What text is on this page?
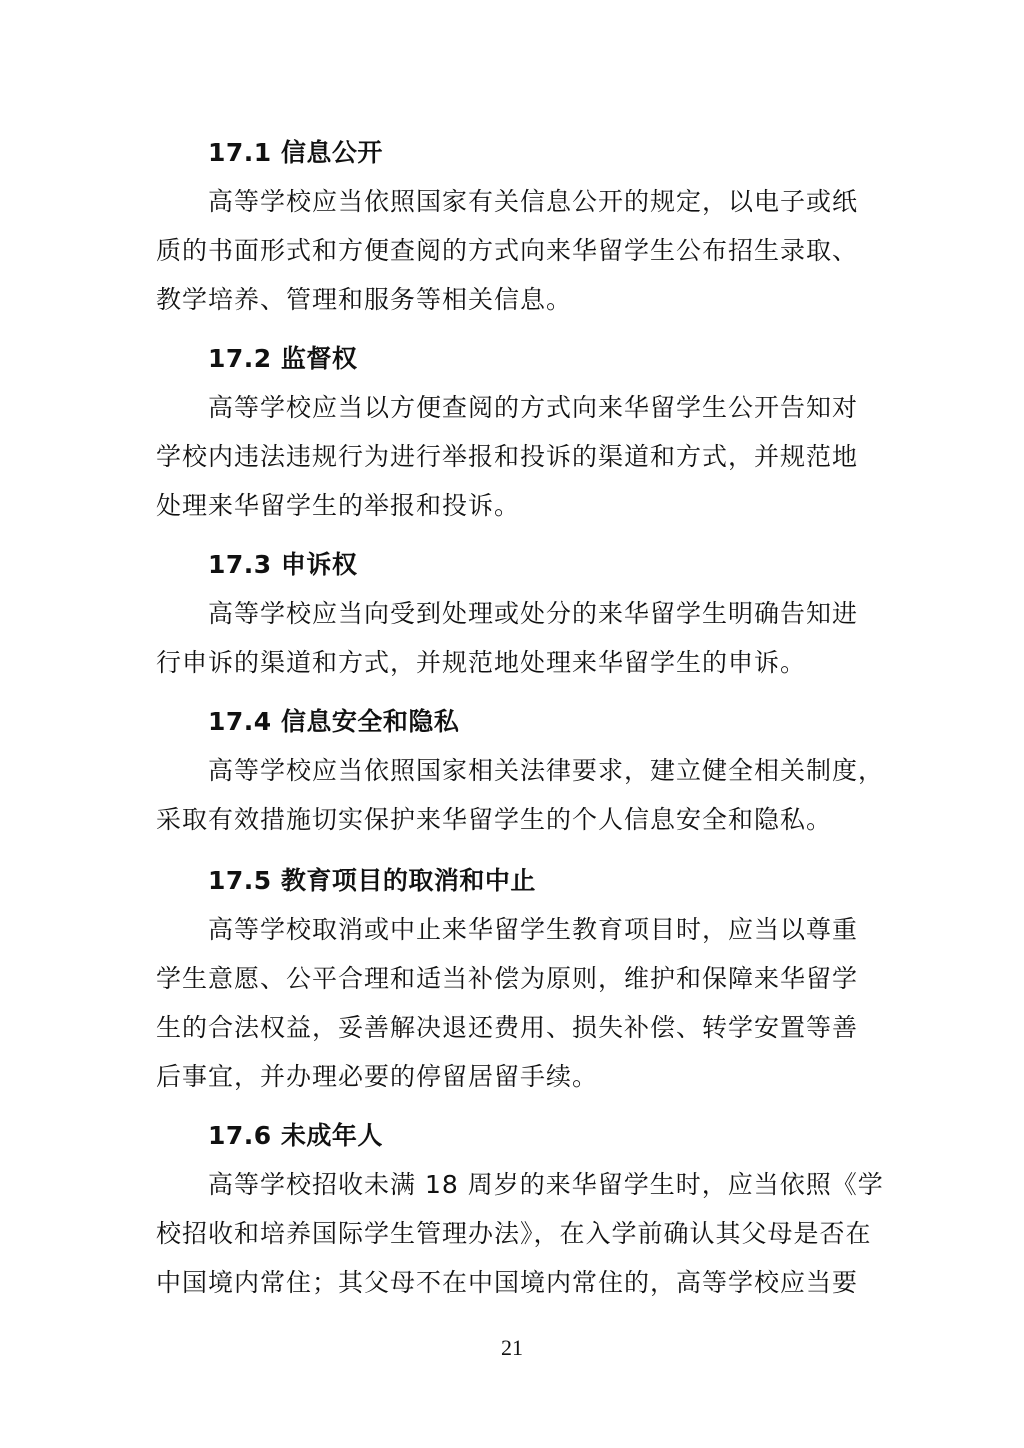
17.1 信息公开
高等学校应当依照国家有关信息公开的规定，以电子或纸
质的书面形式和方便查阅的方式向来华留学生公布招生录取、
教学培养、管理和服务等相关信息。
17.2 监督权
高等学校应当以方便查阅的方式向来华留学生公开告知对
学校内违法违规行为进行举报和投诉的渠道和方式，并规范地
处理来华留学生的举报和投诉。
17.3 申诉权
高等学校应当向受到处理或处分的来华留学生明确告知进
行申诉的渠道和方式，并规范地处理来华留学生的申诉。
17.4 信息安全和隐私
高等学校应当依照国家相关法律要求，建立健全相关制度，
采取有效措施切实保护来华留学生的个人信息安全和隐私。
17.5 教育项目的取消和中止
高等学校取消或中止来华留学生教育项目时，应当以尊重
学生意愿、公平合理和适当补偿为原则，维护和保障来华留学
生的合法权益，妥善解决退还费用、损失补偿、转学安置等善
后事宜，并办理必要的停留居留手续。
17.6 未成年人
高等学校招收未满 18 周岁的来华留学生时，应当依照《学
校招收和培养国际学生管理办法》，在入学前确认其父母是否在
中国境内常住；其父母不在中国境内常住的，高等学校应当要
21
